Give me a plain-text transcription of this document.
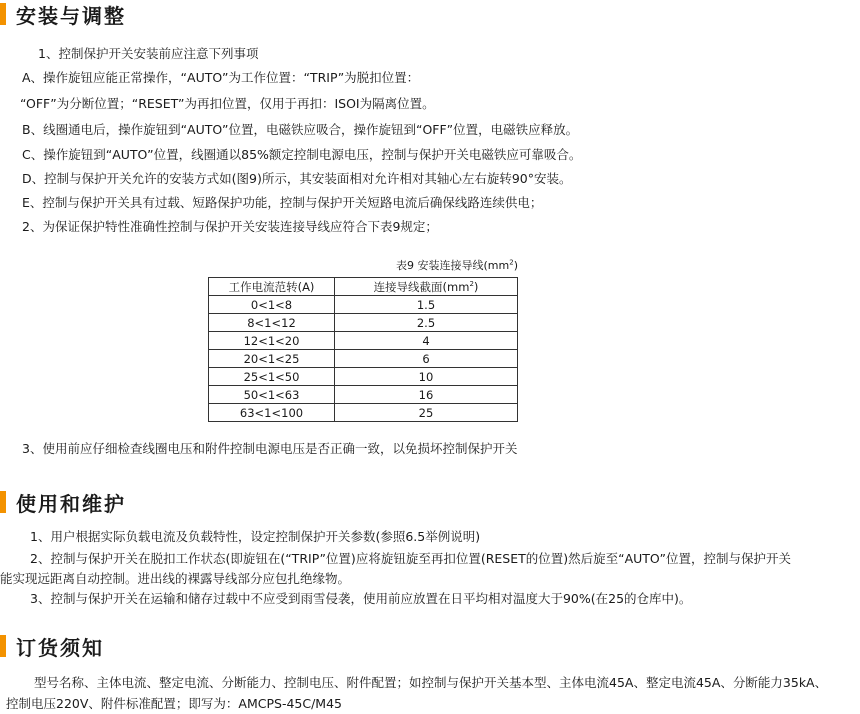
安装与调整
1、控制保护开关安装前应注意下列事项
A、操作旋钮应能正常操作，“AUTO”为工作位置：“TRIP”为脱扣位置：
“OFF”为分断位置；“RESET”为再扣位置，仅用于再扣：ISOI为隔离位置。
B、线圈通电后，操作旋钮到“AUTO”位置，电磁铁应吸合，操作旋钮到“OFF”位置，电磁铁应释放。
C、操作旋钮到“AUTO”位置，线圈通以85%额定控制电源电压，控制与保护开关电磁铁应可靠吸合。
D、控制与保护开关允许的安装方式如(图9)所示，其安装面相对允许相对其轴心左右旋转90°安装。
E、控制与保护开关具有过载、短路保护功能，控制与保护开关短路电流后确保线路连续供电；
2、为保证保护特性准确性控制与保护开关安装连接导线应符合下表9规定；
表9 安装连接导线$(mm^2)$
工作电流范转(A)	连接导线截面$(mm^2)$
0<1<8	1.5
8<1<12	2.5
12<1<20	4
20<1<25	6
25<1<50	10
50<1<63	16
63<1<100	25
3、使用前应仔细检查线圈电压和附件控制电源电压是否正确一致，以免损坏控制保护开关
使用和维护
1、用户根据实际负载电流及负载特性，设定控制保护开关参数(参照6.5举例说明)
2、控制与保护开关在脱扣工作状态(即旋钮在(“TRIP”位置)应将旋钮旋至再扣位置(RESET的位置)然后旋至“AUTO”位置，控制与保护开关
能实现远距离自动控制。进出线的裸露导线部分应包扎绝缘物。
3、控制与保护开关在运输和储存过载中不应受到雨雪侵袭，使用前应放置在日平均相对温度大于90%(在25的仓库中)。
订货须知
型号名称、主体电流、整定电流、分断能力、控制电压、附件配置；如控制与保护开关基本型、主体电流45A、整定电流45A、分断能力35kA、
控制电压220V、附件标准配置；即写为：AMCPS-45C/M45
